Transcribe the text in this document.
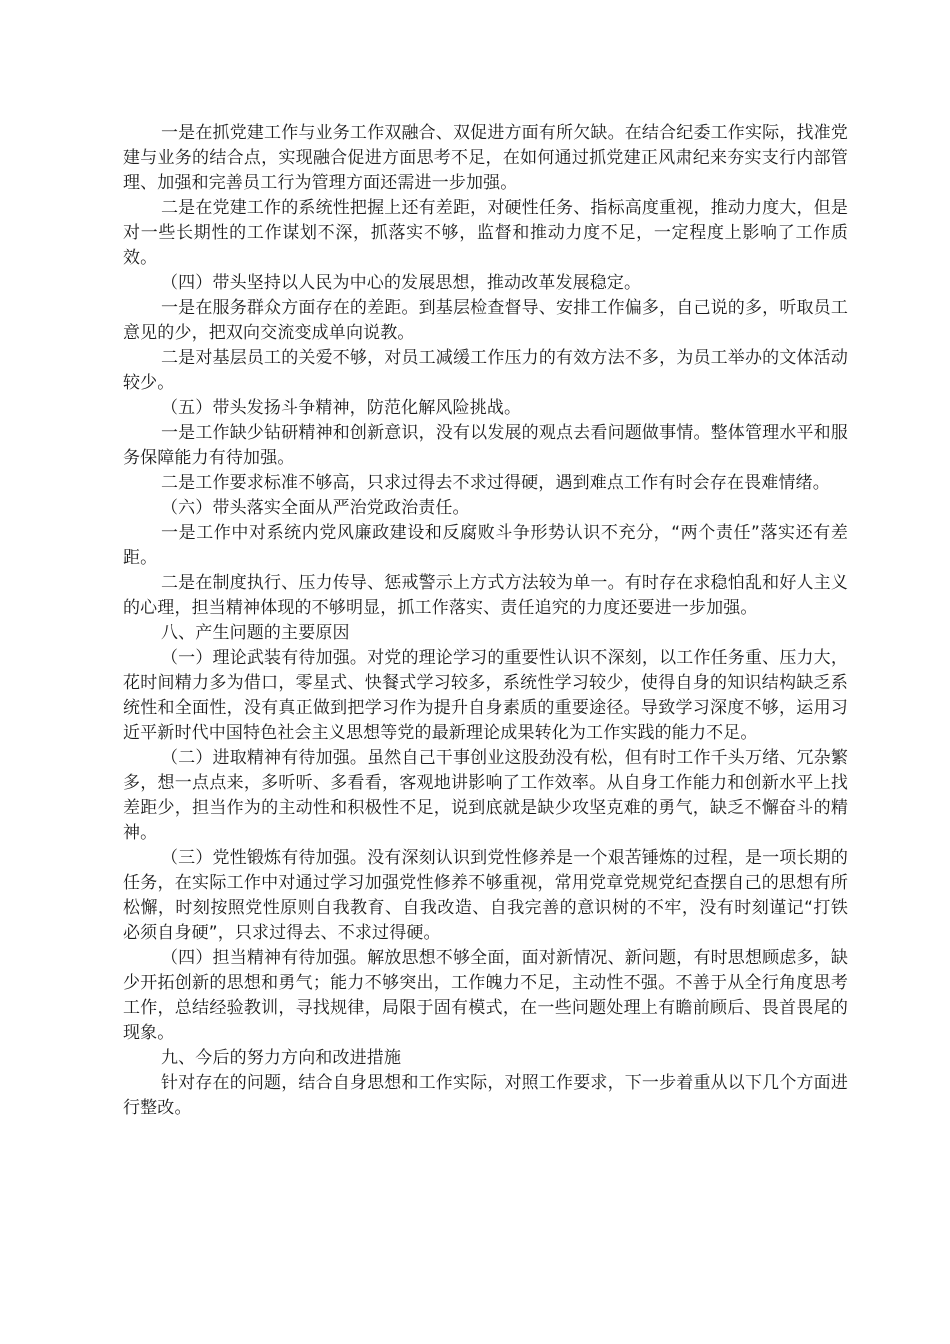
一是在抓党建工作与业务工作双融合、双促进方面有所欠缺。在结合纪委工作实际，找准党建与业务的结合点，实现融合促进方面思考不足，在如何通过抓党建正风肃纪来夯实支行内部管理、加强和完善员工行为管理方面还需进一步加强。

二是在党建工作的系统性把握上还有差距，对硬性任务、指标高度重视，推动力度大，但是对一些长期性的工作谋划不深，抓落实不够，监督和推动力度不足，一定程度上影响了工作质效。

（四）带头坚持以人民为中心的发展思想，推动改革发展稳定。

一是在服务群众方面存在的差距。到基层检查督导、安排工作偏多，自己说的多，听取员工意见的少，把双向交流变成单向说教。

二是对基层员工的关爱不够，对员工减缓工作压力的有效方法不多，为员工举办的文体活动较少。

（五）带头发扬斗争精神，防范化解风险挑战。

一是工作缺少钻研精神和创新意识，没有以发展的观点去看问题做事情。整体管理水平和服务保障能力有待加强。

二是工作要求标准不够高，只求过得去不求过得硬，遇到难点工作有时会存在畏难情绪。

（六）带头落实全面从严治党政治责任。

一是工作中对系统内党风廉政建设和反腐败斗争形势认识不充分，“两个责任”落实还有差距。

二是在制度执行、压力传导、惩戒警示上方式方法较为单一。有时存在求稳怕乱和好人主义的心理，担当精神体现的不够明显，抓工作落实、责任追究的力度还要进一步加强。

八、产生问题的主要原因

（一）理论武装有待加强。对党的理论学习的重要性认识不深刻，以工作任务重、压力大，花时间精力多为借口，零星式、快餐式学习较多，系统性学习较少，使得自身的知识结构缺乏系统性和全面性，没有真正做到把学习作为提升自身素质的重要途径。导致学习深度不够，运用习近平新时代中国特色社会主义思想等党的最新理论成果转化为工作实践的能力不足。

（二）进取精神有待加强。虽然自己干事创业这股劲没有松，但有时工作千头万绪、冗杂繁多，想一点点来，多听听、多看看，客观地讲影响了工作效率。从自身工作能力和创新水平上找差距少，担当作为的主动性和积极性不足，说到底就是缺少攻坚克难的勇气，缺乏不懈奋斗的精神。

（三）党性锻炼有待加强。没有深刻认识到党性修养是一个艰苦锤炼的过程，是一项长期的任务，在实际工作中对通过学习加强党性修养不够重视，常用党章党规党纪查摆自己的思想有所松懈，时刻按照党性原则自我教育、自我改造、自我完善的意识树的不牢，没有时刻谨记“打铁必须自身硬”，只求过得去、不求过得硬。

（四）担当精神有待加强。解放思想不够全面，面对新情况、新问题，有时思想顾虑多，缺少开拓创新的思想和勇气；能力不够突出，工作魄力不足，主动性不强。不善于从全行角度思考工作，总结经验教训，寻找规律，局限于固有模式，在一些问题处理上有瞻前顾后、畏首畏尾的现象。

九、今后的努力方向和改进措施

针对存在的问题，结合自身思想和工作实际，对照工作要求，下一步着重从以下几个方面进行整改。
